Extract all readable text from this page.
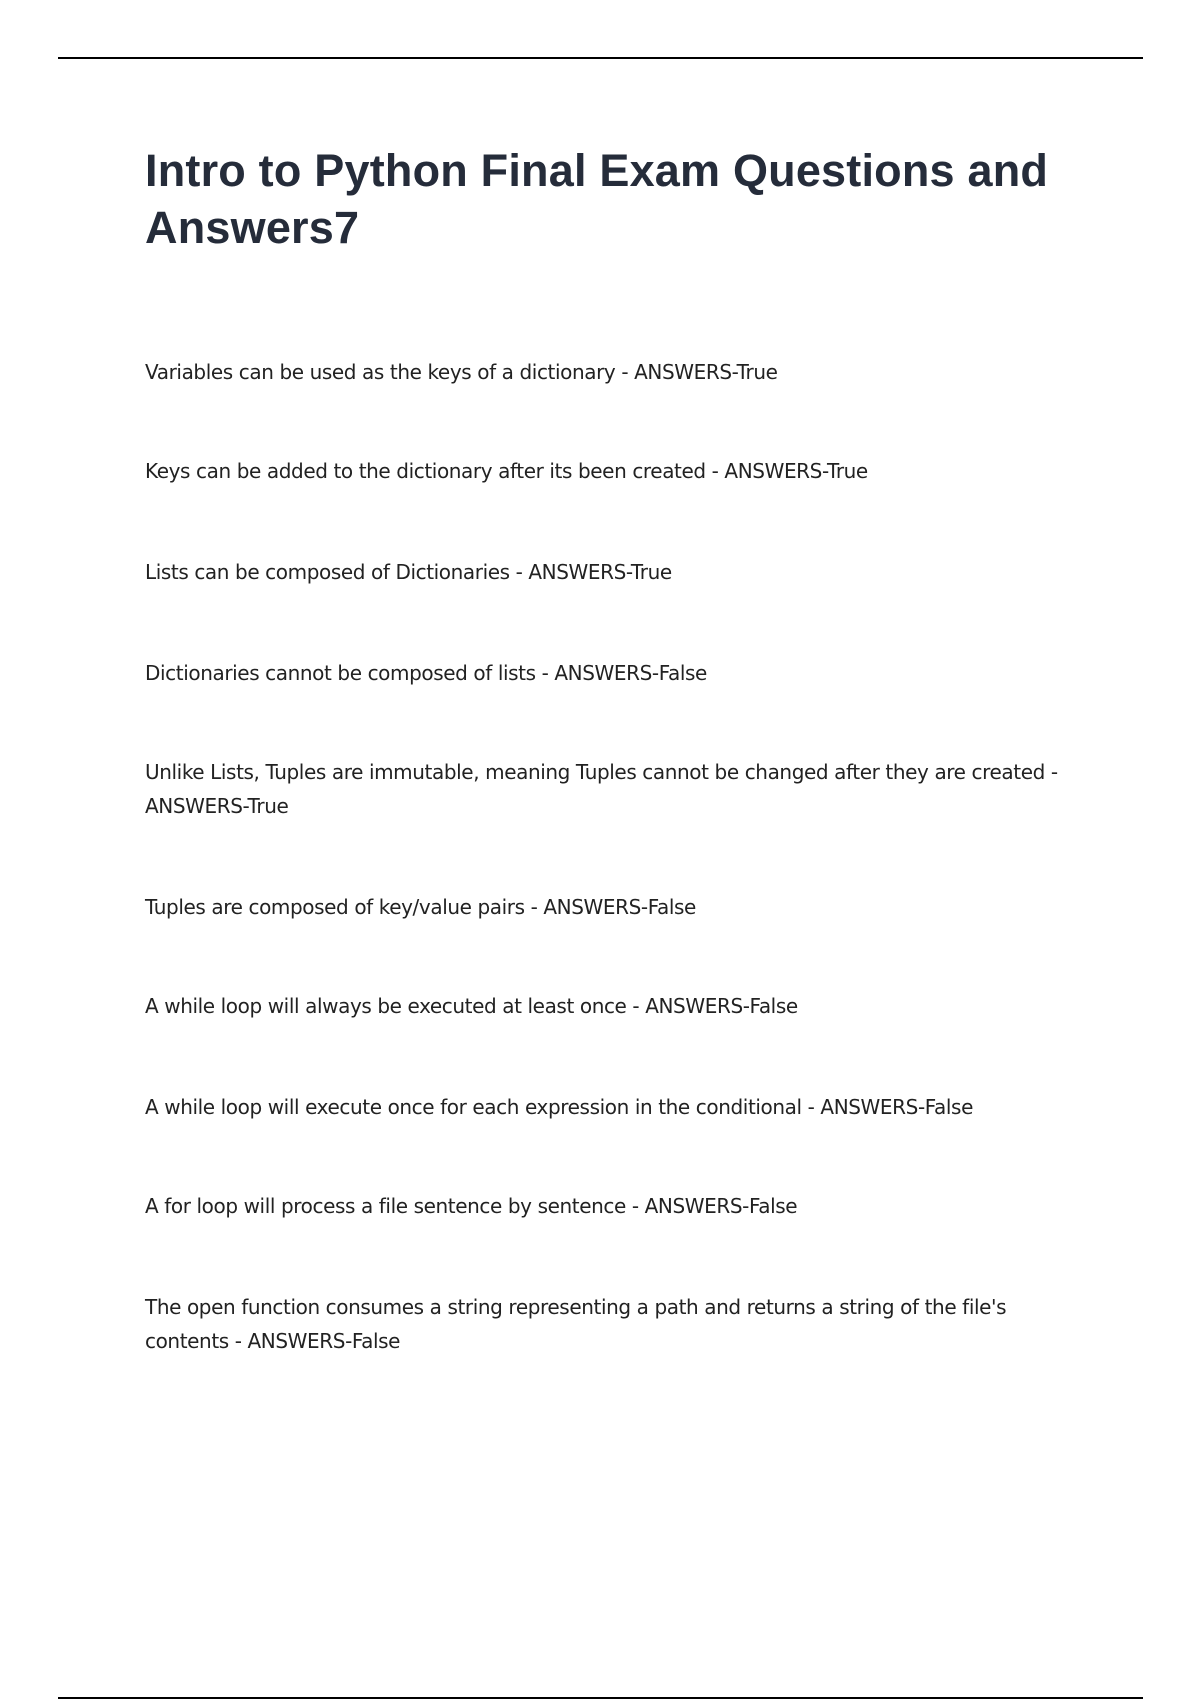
Intro to Python Final Exam Questions and Answers7

Variables can be used as the keys of a dictionary - ANSWERS-True

Keys can be added to the dictionary after its been created - ANSWERS-True

Lists can be composed of Dictionaries - ANSWERS-True

Dictionaries cannot be composed of lists - ANSWERS-False

Unlike Lists, Tuples are immutable, meaning Tuples cannot be changed after they are created - ANSWERS-True

Tuples are composed of key/value pairs - ANSWERS-False

A while loop will always be executed at least once - ANSWERS-False

A while loop will execute once for each expression in the conditional - ANSWERS-False

A for loop will process a file sentence by sentence - ANSWERS-False

The open function consumes a string representing a path and returns a string of the file's contents - ANSWERS-False
